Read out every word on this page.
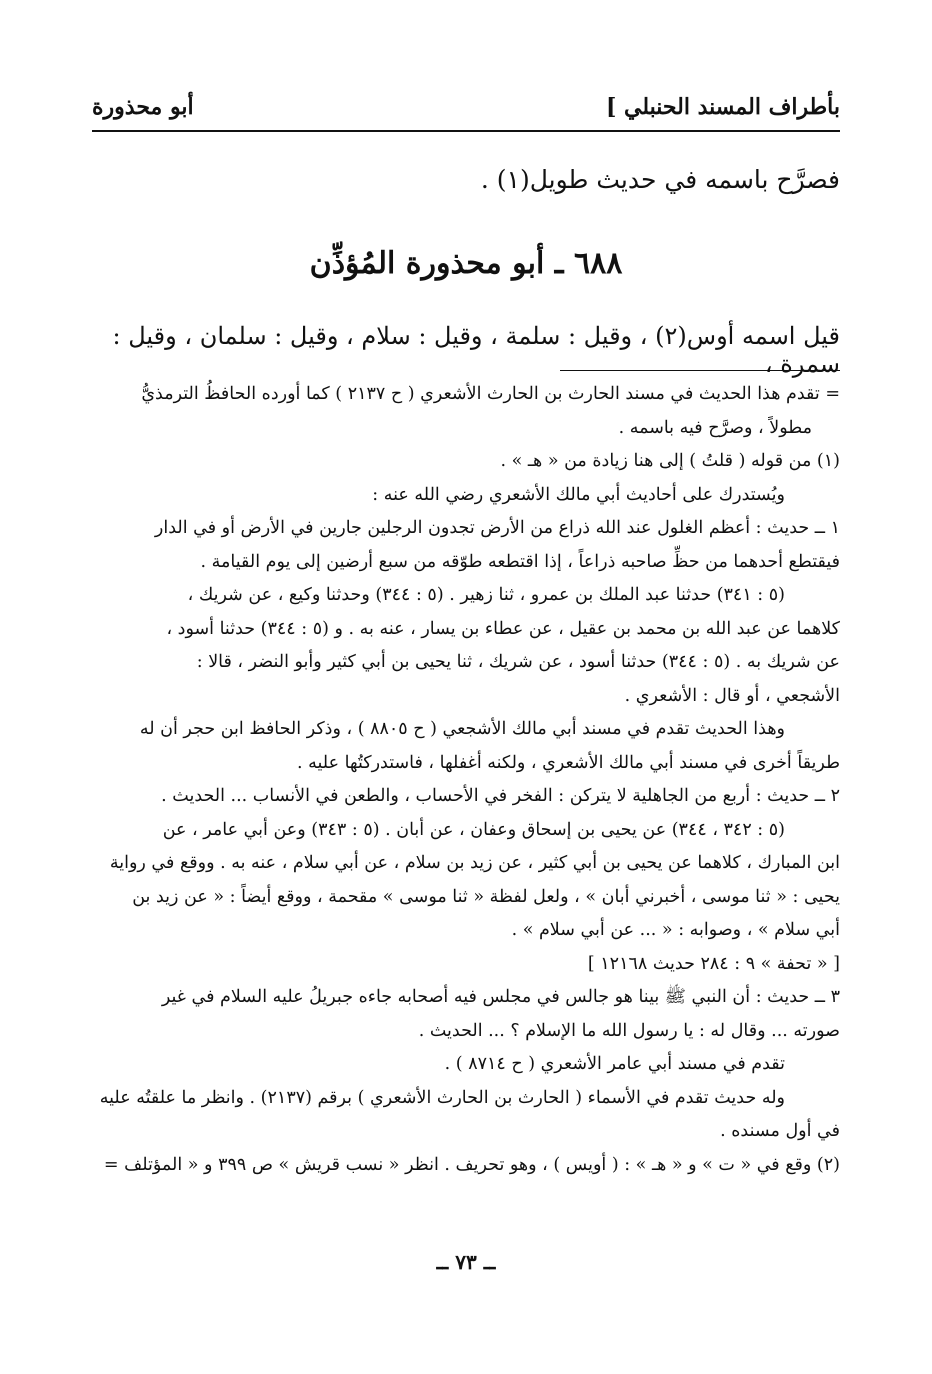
بأطراف المسند الحنبلي ]
أبو محذورة
فصرَّح باسمه في حديث طويل(١) .
٦٨٨ ـ أبو محذورة المُؤذِّن
قيل اسمه أوس(٢) ، وقيل : سلمة ، وقيل : سلام ، وقيل : سلمان ، وقيل : سمرة ،

= تقدم هذا الحديث في مسند الحارث بن الحارث الأشعري ( ح ٢١٣٧ ) كما أورده الحافظُ الترمذيُّ

مطولاً ، وصرَّح فيه باسمه .

(١) من قوله ( قلتُ ) إلى هنا زيادة من « هـ » .

ويُستدرك على أحاديث أبي مالك الأشعري رضي الله عنه :

١ ــ حديث : أعظم الغلول عند الله ذراع من الأرض تجدون الرجلين جارين في الأرض أو في الدار

فيقتطع أحدهما من حظِّ صاحبه ذراعاً ، إذا اقتطعه طوّقه من سبع أرضين إلى يوم القيامة .

(٥ : ٣٤١) حدثنا عبد الملك بن عمرو ، ثنا زهير . (٥ : ٣٤٤) وحدثنا وكيع ، عن شريك ،

كلاهما عن عبد الله بن محمد بن عقيل ، عن عطاء بن يسار ، عنه به . و (٥ : ٣٤٤) حدثنا أسود ،

عن شريك به . (٥ : ٣٤٤) حدثنا أسود ، عن شريك ، ثنا يحيى بن أبي كثير وأبو النضر ، قالا :

الأشجعي ، أو قال : الأشعري .

وهذا الحديث تقدم في مسند أبي مالك الأشجعي ( ح ٨٨٠٥ ) ، وذكر الحافظ ابن حجر أن له

طريقاً أخرى في مسند أبي مالك الأشعري ، ولكنه أغفلها ، فاستدركتُها عليه .

٢ ــ حديث : أربع من الجاهلية لا يتركن : الفخر في الأحساب ، والطعن في الأنساب ... الحديث .

(٥ : ٣٤٢ ، ٣٤٤) عن يحيى بن إسحاق وعفان ، عن أبان . (٥ : ٣٤٣) وعن أبي عامر ، عن

ابن المبارك ، كلاهما عن يحيى بن أبي كثير ، عن زيد بن سلام ، عن أبي سلام ، عنه به . ووقع في رواية

يحيى : « ثنا موسى ، أخبرني أبان » ، ولعل لفظة « ثنا موسى » مقحمة ، ووقع أيضاً : « عن زيد بن

أبي سلام » ، وصوابه : « ... عن أبي سلام » .

[ « تحفة » ٩ : ٢٨٤ حديث ١٢١٦٨ ]

٣ ــ حديث : أن النبي ﷺ بينا هو جالس في مجلس فيه أصحابه جاءه جبريلُ عليه السلام في غير

صورته ... وقال له : يا رسول الله ما الإسلام ؟ ... الحديث .

تقدم في مسند أبي عامر الأشعري ( ح ٨٧١٤ ) .

وله حديث تقدم في الأسماء ( الحارث بن الحارث الأشعري ) برقم (٢١٣٧) . وانظر ما علقتُه عليه

في أول مسنده .

(٢) وقع في « ت » و « هـ » : ( أويس ) ، وهو تحريف . انظر « نسب قريش » ص ٣٩٩ و « المؤتلف =

ــ ٧٣ ــ
